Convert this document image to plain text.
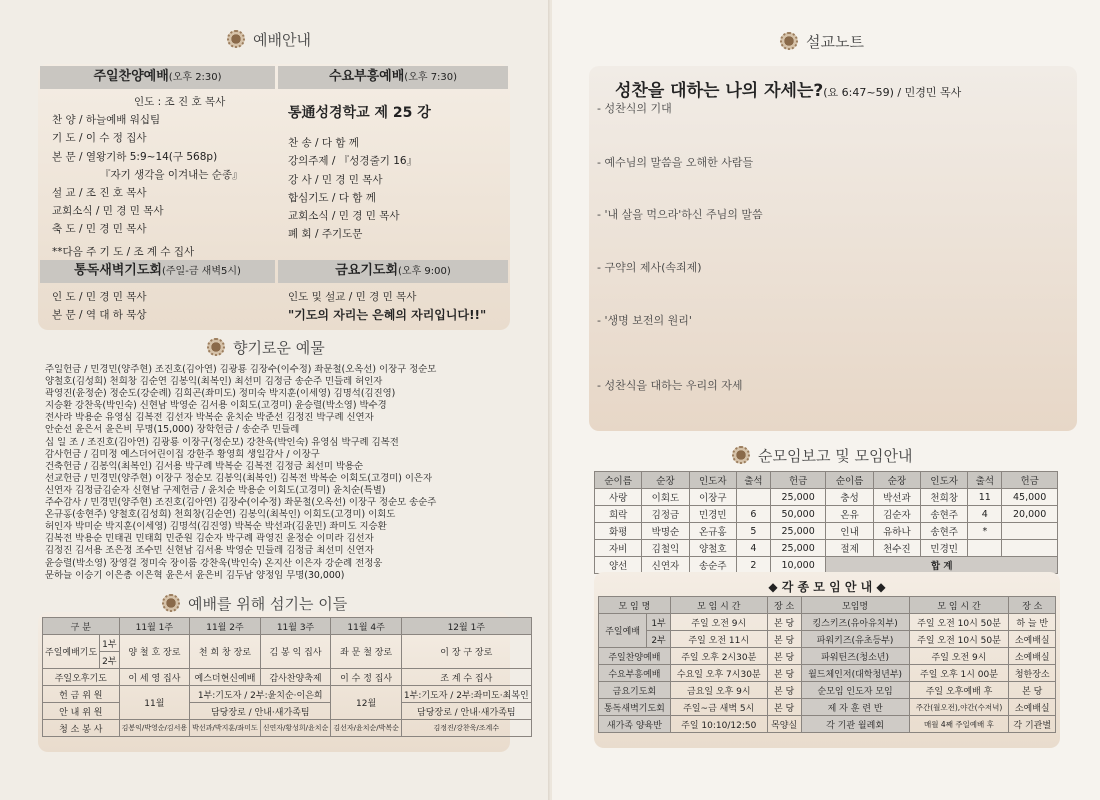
예배안내
주일찬양예배(오후 2:30)
인도 : 조 진 호 목사
찬 양 / 하늘예배 워십팀
기 도 / 이 수 정 집사
본 문 / 열왕기하 5:9~14(구 568p)
『자기 생각을 이겨내는 순종』
설 교 / 조 진 호 목사
교회소식 / 민 경 민 목사
축 도 / 민 경 민 목사
**다음 주 기 도 / 조 계 수 집사
수요부흥예배(오후 7:30)
통通성경학교 제 25 강
찬 송 / 다 함 께
강의주제 / 『성경줄기 16』
강 사 / 민 경 민 목사
합심기도 / 다 함 께
교회소식 / 민 경 민 목사
폐 회 / 주기도문
통독새벽기도회(주일-금 새벽5시)
인 도 / 민 경 민 목사
본 문 / 역 대 하 묵상
금요기도회(오후 9:00)
인도 및 설교 / 민 경 민 목사
"기도의 자리는 은혜의 자리입니다!!"
향기로운 예물
주일헌금 / 민경민(양주현) 조진호(김아연) 김광룡 김장수(이수정) 좌문철(오옥선) 이장구 정순모
양철호(김성희) 천희창 김순연 김봉익(최복인) 최선미 김정금 송순주 민들레 허인자
곽영진(윤정순) 정순도(강순례) 김희곤(좌미도) 정미숙 박지훈(이세영) 김명석(김진영)
지승환 강찬욱(박인숙) 신현남 박영순 김서용 이회도(고경미) 윤승렬(박소영) 박수경
전사라 박용순 유영심 김복전 김선자 박복순 윤치순 박준선 김정진 박구례 신연자
안순선 윤은서 윤은비 무명(15,000) 장학헌금 / 송순주 민들레
십 일 조 / 조진호(김아연) 김광룡 이장구(정순모) 강찬욱(박인숙) 유영심 박구례 김복전
감사헌금 / 김미정 예스더어린이집 강한주 황영희 생일감사 / 이장구
건축헌금 / 김봉익(최복인) 김서용 박구례 박복순 김복전 김정금 최선미 박용순
선교헌금 / 민경민(양주현) 이장구 정순모 김봉익(최복인) 김복전 박복순 이회도(고경미) 이은자
신연자 김정금김순자 신현남 구제헌금 / 윤치순 박용순 이회도(고경미) 윤치순(특별)
주수감사 / 민경민(양주현) 조진호(김아연) 김장수(이수정) 좌문철(오옥선) 이장구 정순모 송순주
온규홍(송현주) 양철호(김성희) 천희창(김순연) 김봉익(최복인) 이회도(고경미) 이회도
허인자 박미순 박지훈(이세영) 김명석(김진영) 박복순 박선과(김윤민) 좌미도 지승환
김복전 박용순 민태권 민태희 민준원 김순자 박구례 곽영진 윤정순 이미라 김선자
김정진 김서용 조은정 조수민 신현남 김서용 박영순 민들레 김정금 최선미 신연자
윤승렬(박소영) 장영걸 정미숙 장이룸 강찬욱(박인숙) 온지산 이은자 강순례 전정웅
문하늘 이승기 이은총 이은혁 윤은서 윤은비 김두남 양정임 무명(30,000)
예배를 위해 섬기는 이들
구 분		11월 1주	11월 2주	11월 3주	11월 4주	12월 1주
주일예배기도	1부	양 철 호 장로	천 희 창 장로	김 봉 익 집사	좌 문 철 장로	이 장 구 장로
	2부					
주일오후기도		이 세 영 집사	예스더현신예배	감사찬양축제	이 수 정 집사	조 계 수 집사
헌 금 위 원		11월	1부:기도자 / 2부:윤치순·이은희		12월	1부:기도자 / 2부:좌미도·최복인
안 내 위 원			담당장로 / 안내·새가족팀			담당장로 / 안내·새가족팀
청 소 봉 사		김봉익/박영순/김서용	박선과/박지훈/좌미도	신연자/황성희/윤치순	김선자/윤치순/박복순	김정진/강찬욱/조계수
설교노트
성찬을 대하는 나의 자세는?(요 6:47~59) / 민경민 목사
- 성찬식의 기대
- 예수님의 말씀을 오해한 사람들
- '내 살을 먹으라'하신 주님의 말씀
- 구약의 제사(속죄제)
- '생명 보전의 원리'
- 성찬식을 대하는 우리의 자세
순모임보고 및 모임안내
순이름	순장	인도자	출석	헌금	순이름	순장	인도자	출석	헌금
사랑	이회도	이장구		25,000	충성	박선과	천희창	11	45,000
희락	김정금	민경민	6	50,000	온유	김순자	송현주	4	20,000
화평	박명순	온규홍	5	25,000	인내	유하나	송현주	*	
자비	김철익	양철호	4	25,000	절제	천수진	민경민		
양선	신연자	송순주	2	10,000	합 계				
◆ 각 종 모 임 안 내 ◆
모 임 명		모 임 시 간	장 소	모임명	모 임 시 간	장 소
주일예배	1부	주일 오전 9시	본 당	킹스키즈(유아유치부)	주일 오전 10시 50분	하 늘 반
	2부	주일 오전 11시	본 당	파워키즈(유초등부)	주일 오전 10시 50분	소예배실
주일찬양예배		주일 오후 2시30분	본 당	파워틴즈(청소년)	주일 오전 9시	소예배실
수요부흥예배		수요일 오후 7시30분	본 당	월드체인저(대학청년부)	주일 오후 1시 00분	청한장소
금요기도회		금요일 오후 9시	본 당	순모임 인도자 모임	주일 오후예배 후	본 당
통독새벽기도회		주일~금 새벽 5시	본 당	제 자 훈 련 반	주간(월오전),야간(수저녁)	소예배실
새가족 양육반		주일 10:10/12:50	목양실	각 기관 월례회	매월 4째 주일예배 후	각 기관별
